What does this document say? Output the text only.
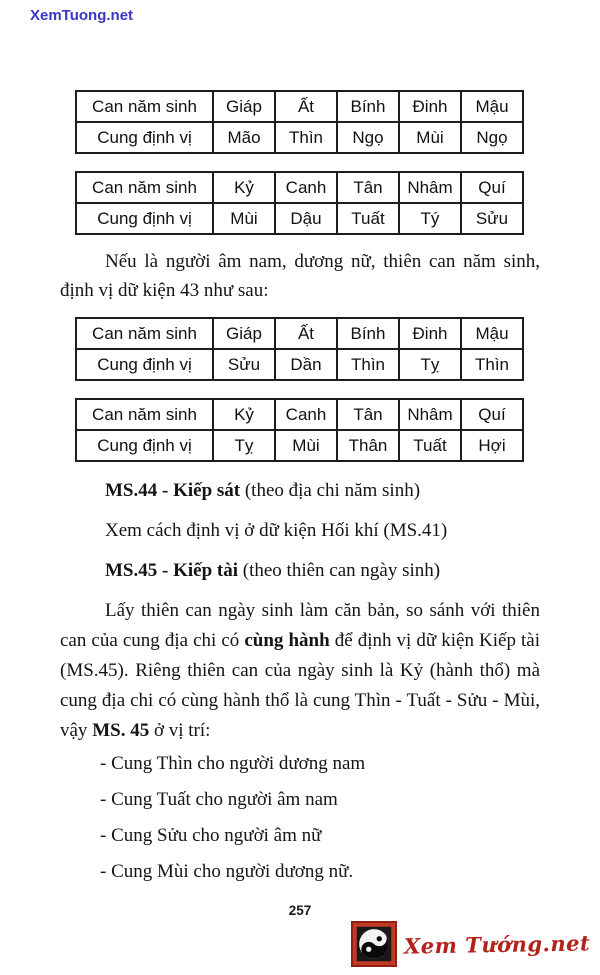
XemTuong.net
Can năm sinh	Giáp	Ất	Bính	Đinh	Mậu
Cung định vị	Mão	Thìn	Ngọ	Mùi	Ngọ
Can năm sinh	Kỷ	Canh	Tân	Nhâm	Quí
Cung định vị	Mùi	Dậu	Tuất	Tý	Sửu

Nếu là người âm nam, dương nữ, thiên can năm sinh, định vị dữ kiện 43 như sau:

Can năm sinh	Giáp	Ất	Bính	Đinh	Mậu
Cung định vị	Sửu	Dần	Thìn	Tỵ	Thìn
Can năm sinh	Kỷ	Canh	Tân	Nhâm	Quí
Cung định vị	Tỵ	Mùi	Thân	Tuất	Hợi

MS.44 - Kiếp sát (theo địa chi năm sinh)

Xem cách định vị ở dữ kiện Hối khí (MS.41)

MS.45 - Kiếp tài (theo thiên can ngày sinh)

Lấy thiên can ngày sinh làm căn bản, so sánh với thiên can của cung địa chi có cùng hành để định vị dữ kiện Kiếp tài (MS.45). Riêng thiên can của ngày sinh là Kỷ (hành thổ) mà cung địa chi có cùng hành thổ là cung Thìn - Tuất - Sửu - Mùi, vậy MS. 45 ở vị trí:

- Cung Thìn cho người dương nam
- Cung Tuất cho người âm nam
- Cung Sửu cho người âm nữ
- Cung Mùi cho người dương nữ.
257
Xem Tướng.net
